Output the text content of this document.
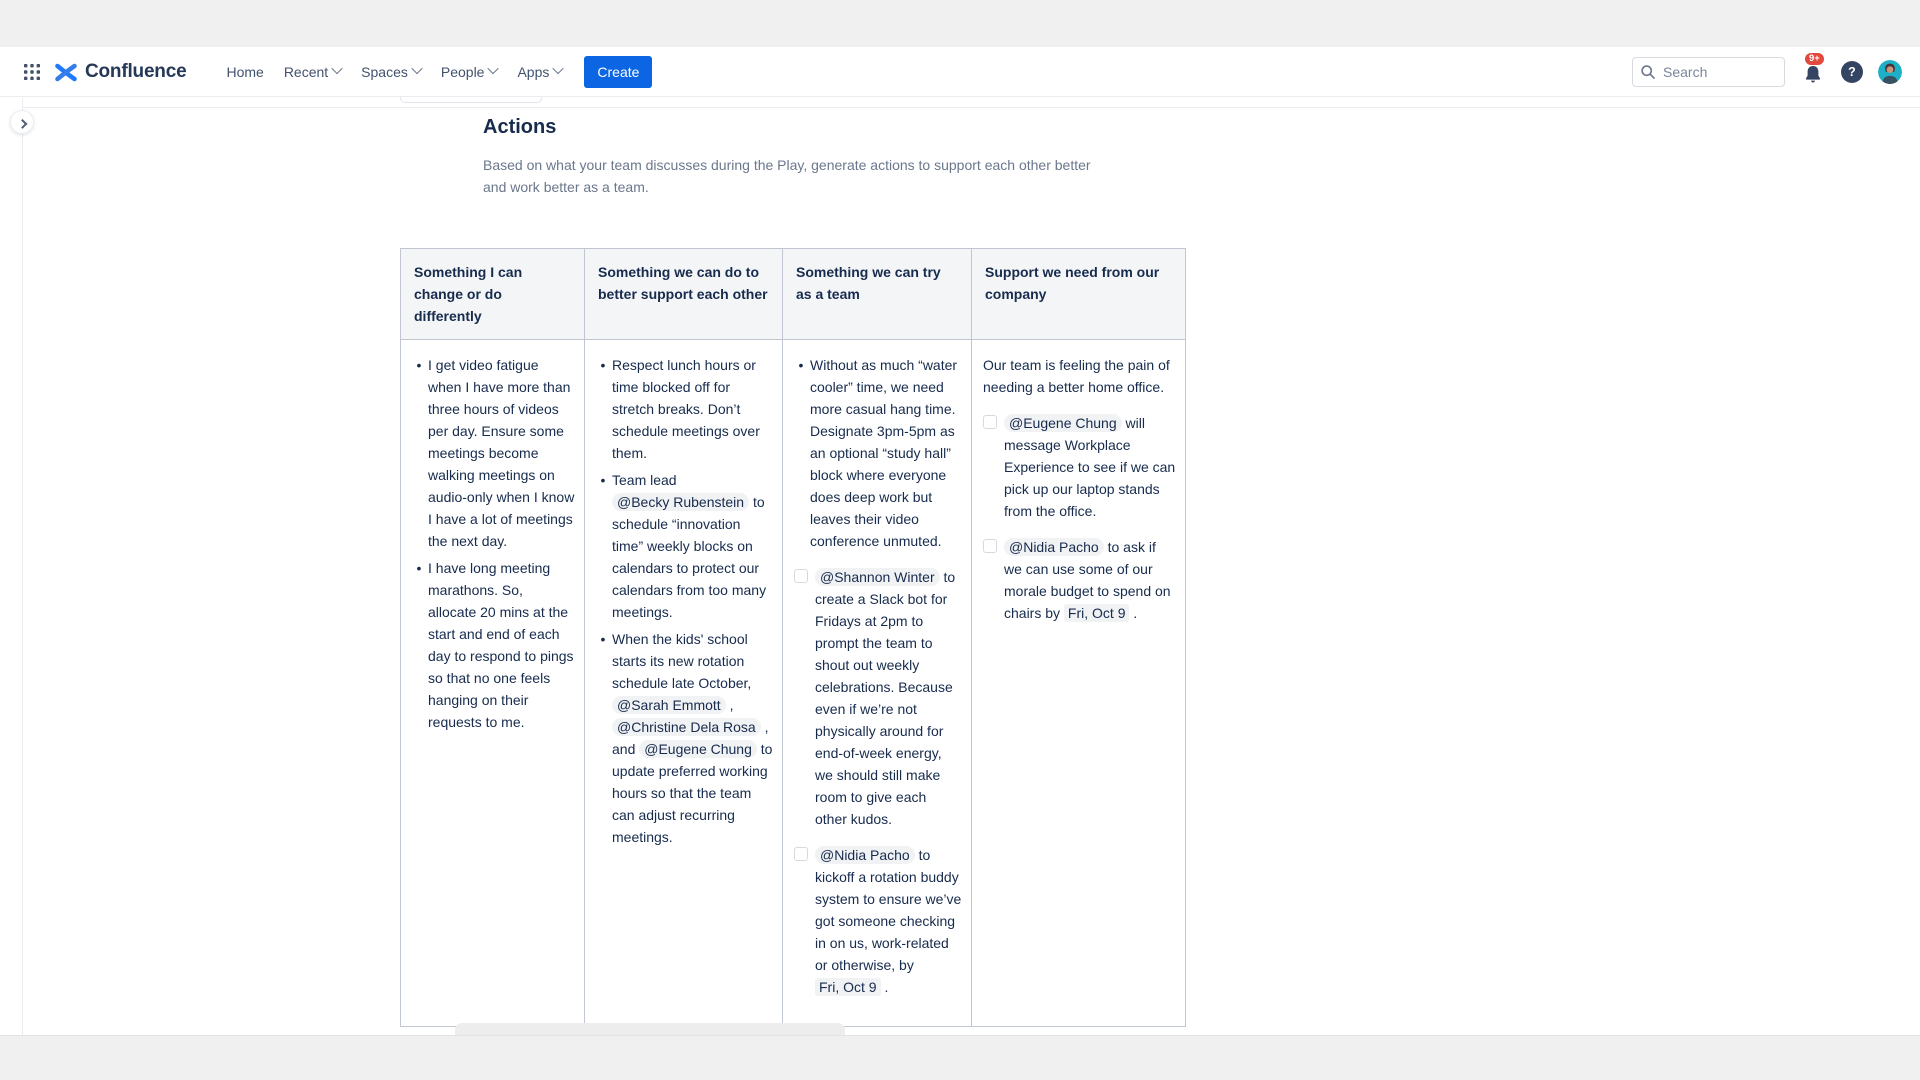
Confluence	Home Recent Spaces People Apps	Create
Search
9+
?
Actions

Based on what your team discusses during the Play, generate actions to support each other better and work better as a team.

Something I can change or do differently	Something we can do to better support each other	Something we can try as a team	Support we need from our company

• I get video fatigue when I have more than three hours of videos per day. Ensure some meetings become walking meetings on audio-only when I know I have a lot of meetings the next day.
• I have long meeting marathons. So, allocate 20 mins at the start and end of each day to respond to pings so that no one feels hanging on their requests to me.

• Respect lunch hours or time blocked off for stretch breaks. Don’t schedule meetings over them.
• Team lead @Becky Rubenstein to schedule “innovation time” weekly blocks on calendars to protect our calendars from too many meetings.
• When the kids' school starts its new rotation schedule late October, @Sarah Emmott , @Christine Dela Rosa , and @Eugene Chung to update preferred working hours so that the team can adjust recurring meetings.

• Without as much “water cooler” time, we need more casual hang time. Designate 3pm-5pm as an optional “study hall” block where everyone does deep work but leaves their video conference unmuted.
@Shannon Winter to create a Slack bot for Fridays at 2pm to prompt the team to shout out weekly celebrations. Because even if we’re not physically around for end-of-week energy, we should still make room to give each other kudos.
@Nidia Pacho to kickoff a rotation buddy system to ensure we’ve got someone checking in on us, work-related or otherwise, by Fri, Oct 9 .

Our team is feeling the pain of needing a better home office.

@Eugene Chung will message Workplace Experience to see if we can pick up our laptop stands from the office.
@Nidia Pacho to ask if we can use some of our morale budget to spend on chairs by Fri, Oct 9 .
